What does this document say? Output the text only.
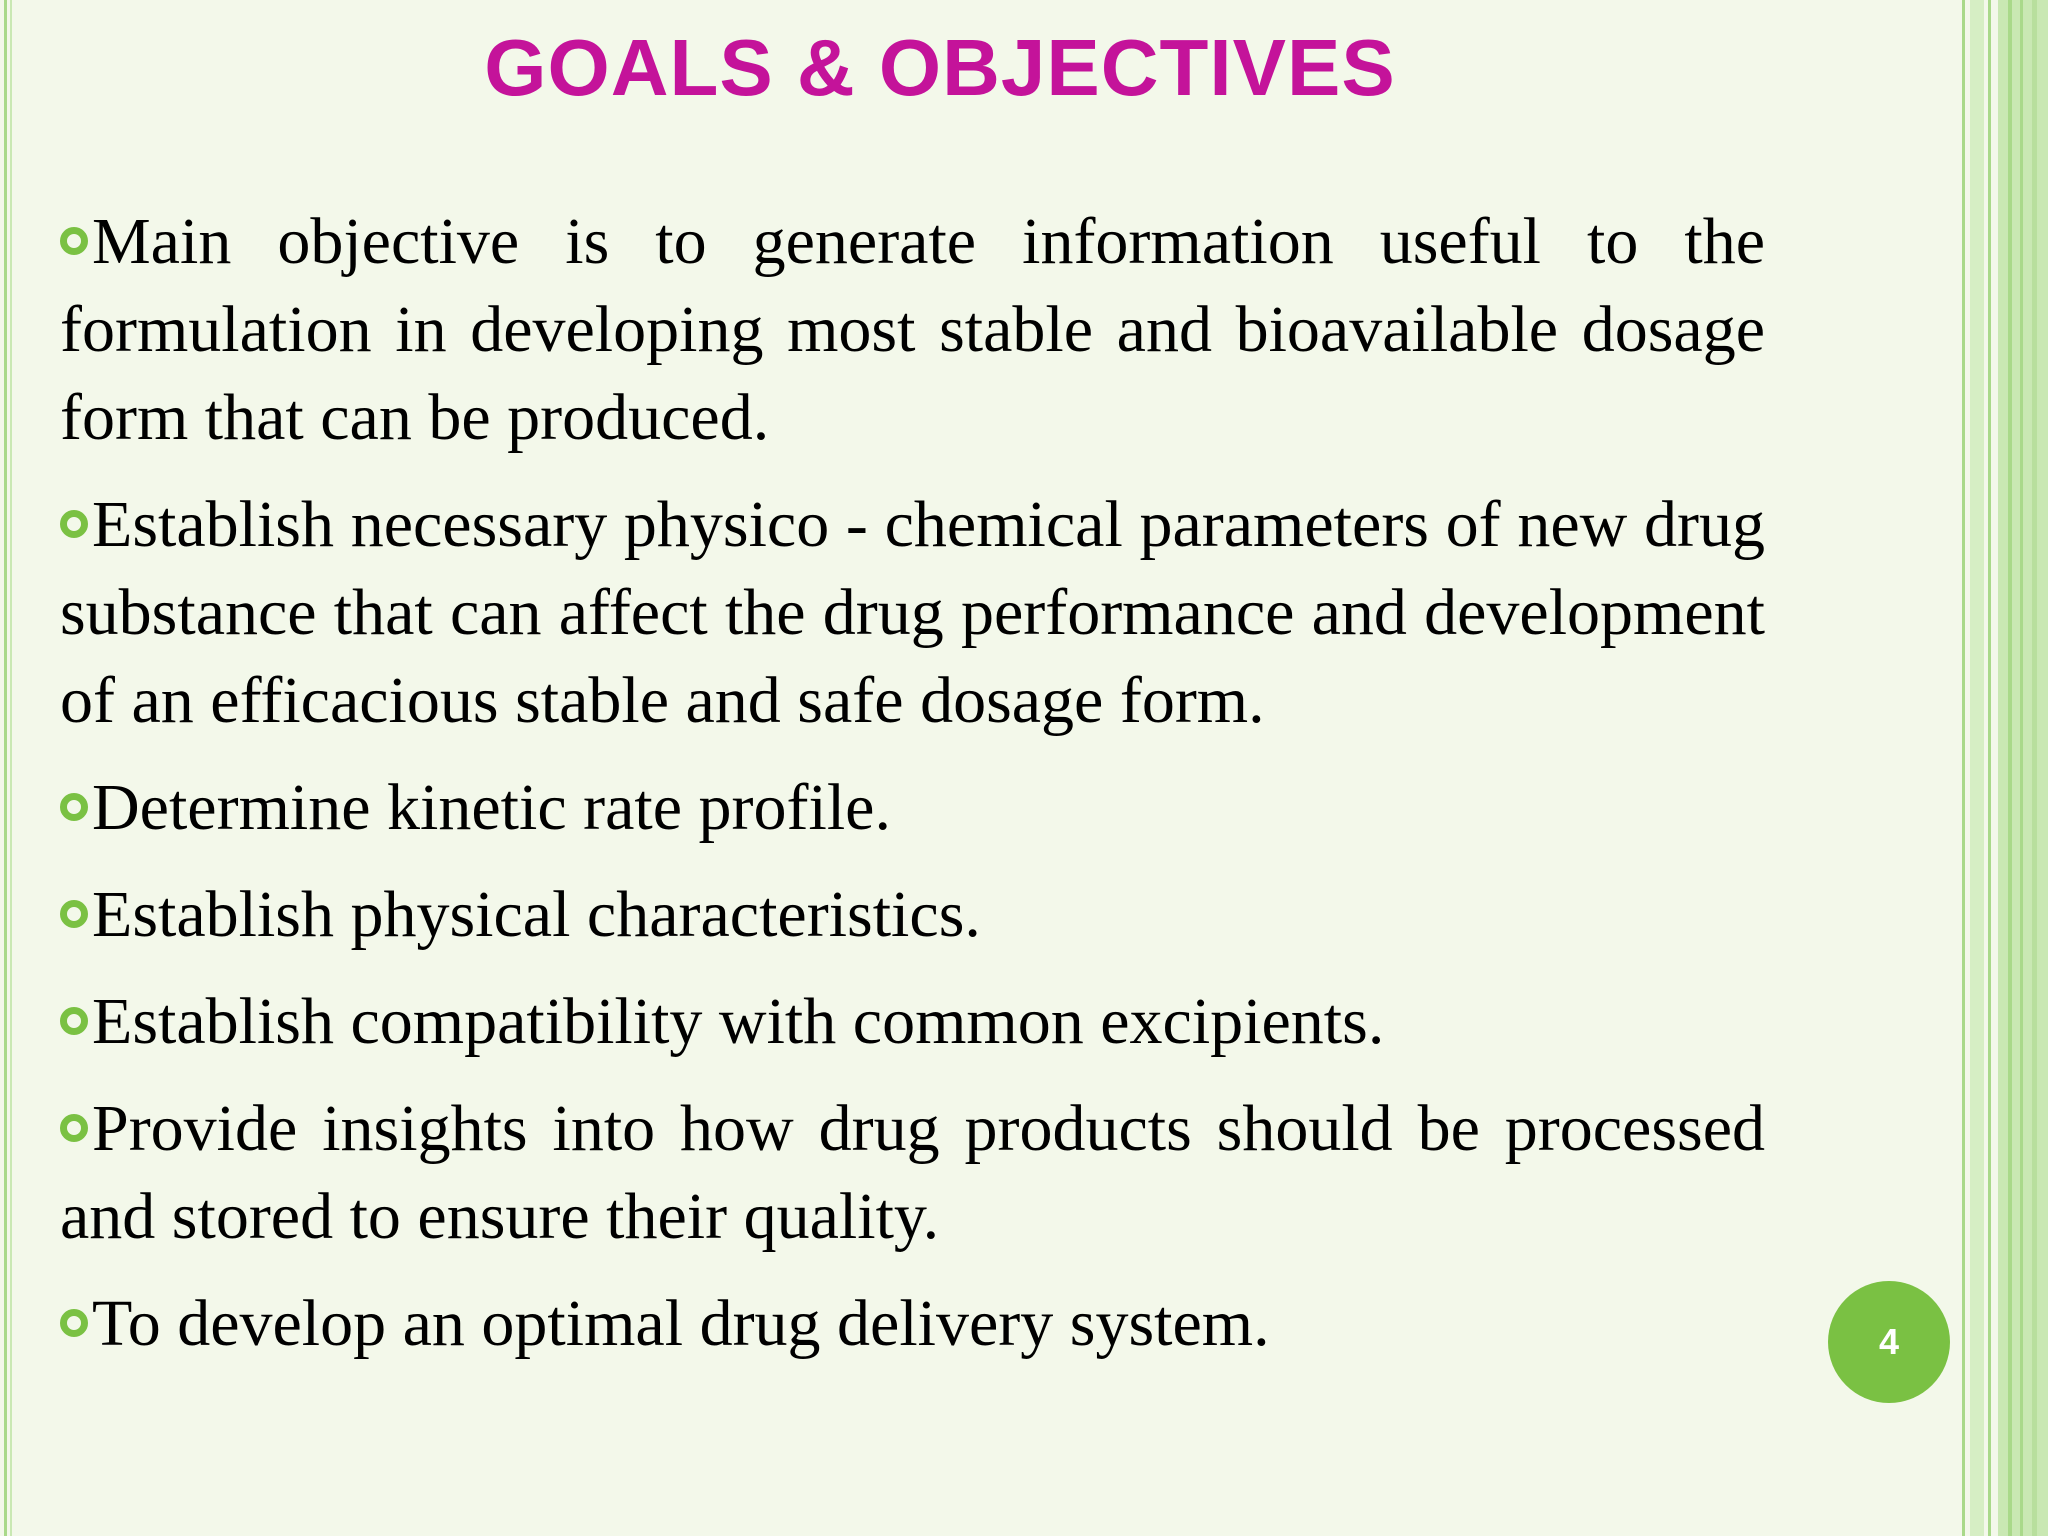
GOALS & OBJECTIVES

Main objective is to generate information useful to the formulation in developing most stable and bioavailable dosage form that can be produced.

Establish necessary physico - chemical parameters of new drug substance that can affect the drug performance and development of an efficacious stable and safe dosage form.

Determine kinetic rate profile.

Establish physical characteristics.

Establish compatibility with common excipients.

Provide insights into how drug products should be processed and stored to ensure their quality.

To develop an optimal drug delivery system.	4
